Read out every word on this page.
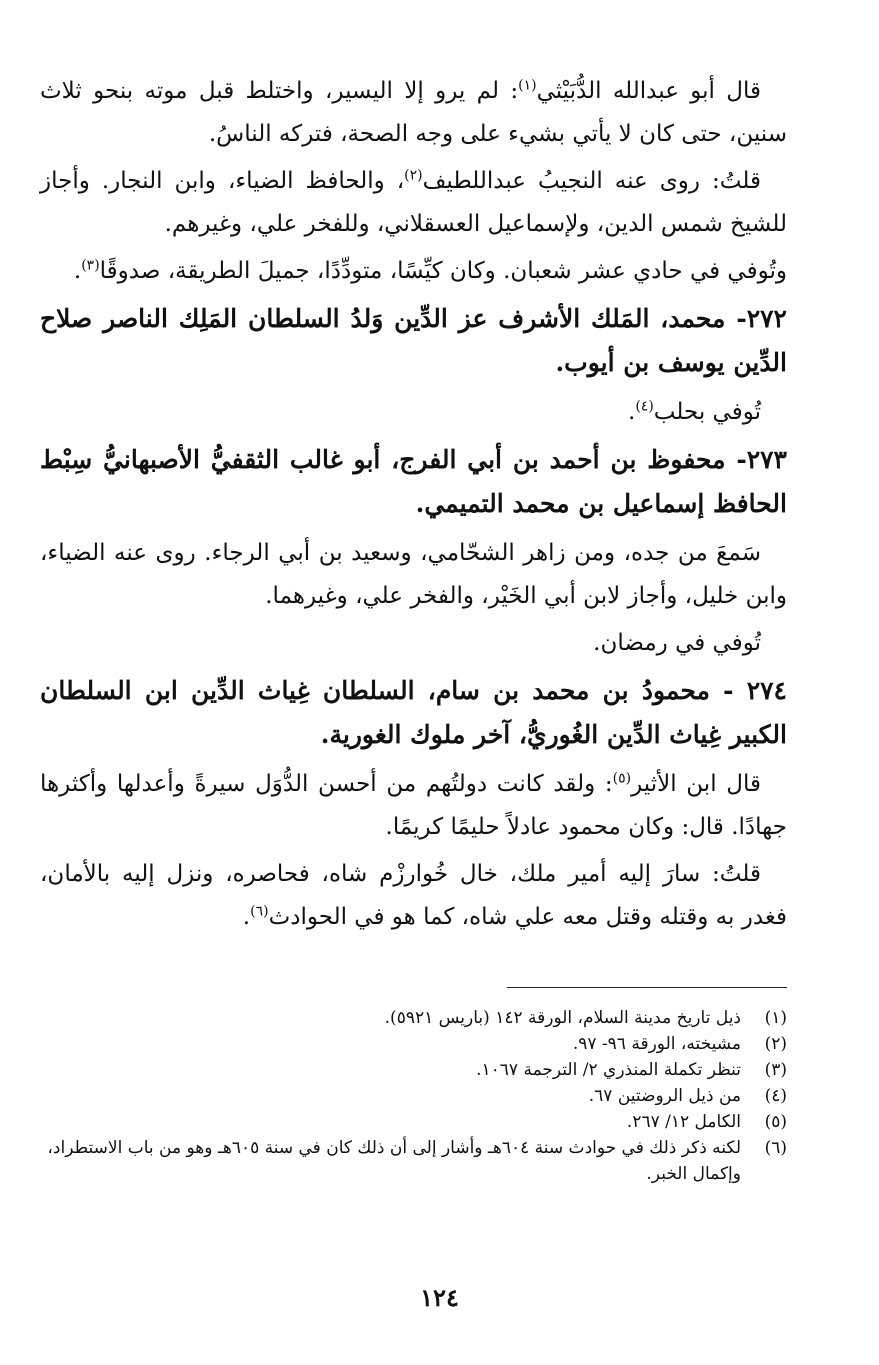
قال أبو عبدالله الدُّبَيْثي$^{(١)}$: لم يرو إلا اليسير، واختلط قبل موته بنحو ثلاث سنين، حتى كان لا يأتي بشيء على وجه الصحة، فتركه الناسُ.

قلتُ: روى عنه النجيبُ عبداللطيف$^{(٢)}$، والحافظ الضياء، وابن النجار. وأجاز للشيخ شمس الدين، ولإسماعيل العسقلاني، وللفخر علي، وغيرهم.

وتُوفي في حادي عشر شعبان. وكان كيِّسًا، متودِّدًا، جميلَ الطريقة، صدوقًا$^{(٣)}$.

٢٧٢- محمد، المَلك الأشرف عز الدِّين وَلدُ السلطان المَلِك الناصر صلاح الدِّين يوسف بن أيوب.

تُوفي بحلب$^{(٤)}$.

٢٧٣- محفوظ بن أحمد بن أبي الفرج، أبو غالب الثقفيُّ الأصبهانيُّ سِبْط الحافظ إسماعيل بن محمد التميمي.

سَمعَ من جده، ومن زاهر الشحّامي، وسعيد بن أبي الرجاء. روى عنه الضياء، وابن خليل، وأجاز لابن أبي الخَيْر، والفخر علي، وغيرهما.

تُوفي في رمضان.

٢٧٤ - محمودُ بن محمد بن سام، السلطان غِياث الدِّين ابن السلطان الكبير غِياث الدِّين الغُوريُّ، آخر ملوك الغورية.

قال ابن الأثير$^{(٥)}$: ولقد كانت دولتُهم من أحسن الدُّوَل سيرةً وأعدلها وأكثرها جهادًا. قال: وكان محمود عادلاً حليمًا كريمًا.

قلتُ: سارَ إليه أمير ملك، خال خُوارزْم شاه، فحاصره، ونزل إليه بالأمان، فغدر به وقتله وقتل معه علي شاه، كما هو في الحوادث$^{(٦)}$.

(١)
ذيل تاريخ مدينة السلام، الورقة ١٤٢ (باريس ٥٩٢١).
(٢)
مشيخته، الورقة ٩٦- ٩٧.
(٣)
تنظر تكملة المنذري ٢/ الترجمة ١٠٦٧.
(٤)
من ذيل الروضتين ٦٧.
(٥)
الكامل ١٢/ ٢٦٧.
(٦)
لكنه ذكر ذلك في حوادث سنة ٦٠٤هـ وأشار إلى أن ذلك كان في سنة ٦٠٥هـ وهو من باب الاستطراد، وإكمال الخبر.
١٢٤
